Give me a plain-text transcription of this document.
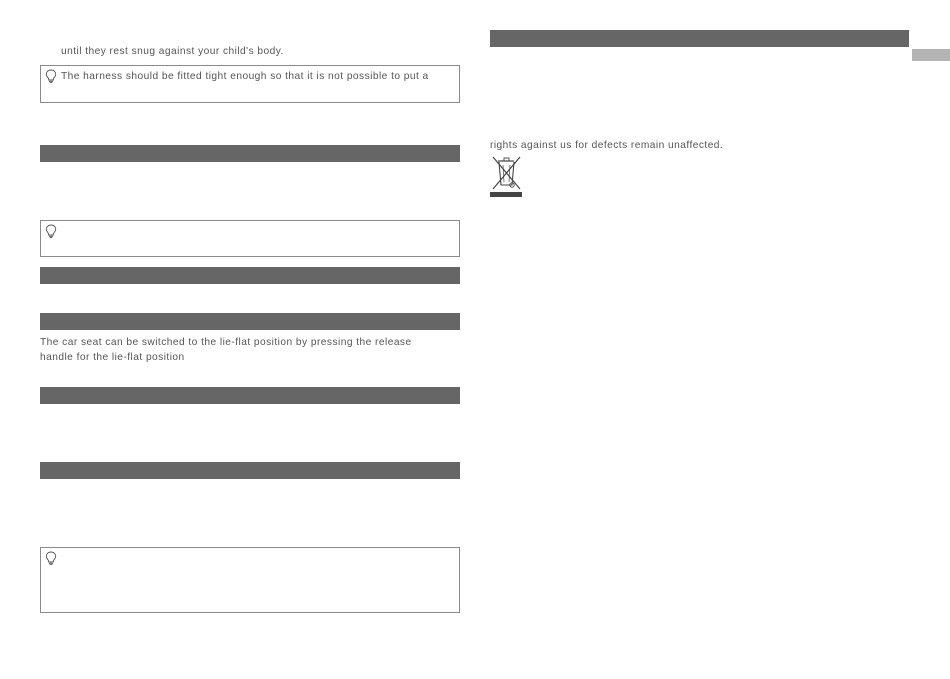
until they rest snug against your child's body.
The harness should be fitted tight enough so that it is not possible to put a
The car seat can be switched to the lie-flat position by pressing the release
handle for the lie-flat position
rights against us for defects remain unaffected.
